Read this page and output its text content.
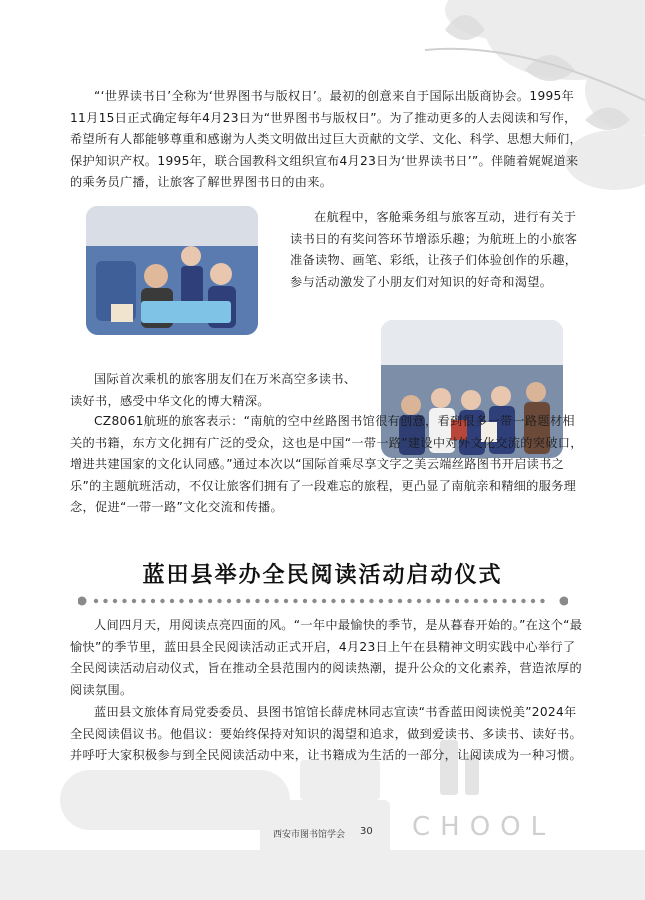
“‘世界读书日’全称为‘世界图书与版权日’。最初的创意来自于国际出版商协会。1995年11月15日正式确定每年4月23日为“世界图书与版权日”。为了推动更多的人去阅读和写作，希望所有人都能够尊重和感谢为人类文明做出过巨大贡献的文学、文化、科学、思想大师们，保护知识产权。1995年，联合国教科文组织宣布4月23日为‘世界读书日’”。伴随着娓娓道来的乘务员广播，让旅客了解世界图书日的由来。

在航程中，客舱乘务组与旅客互动，进行有关于读书日的有奖问答环节增添乐趣；为航班上的小旅客准备读物、画笔、彩纸，让孩子们体验创作的乐趣，参与活动激发了小朋友们对知识的好奇和渴望。

国际首次乘机的旅客朋友们在万米高空多读书、读好书，感受中华文化的博大精深。

CZ8061航班的旅客表示：“南航的空中丝路图书馆很有创意，看到很多一带一路题材相关的书籍，东方文化拥有广泛的受众，这也是中国“一带一路”建设中对外文化交流的突破口，增进共建国家的文化认同感。”通过本次以“国际首乘尽享文字之美云端丝路图书开启读书之乐”的主题航班活动，不仅让旅客们拥有了一段难忘的旅程，更凸显了南航亲和精细的服务理念，促进“一带一路”文化交流和传播。

蓝田县举办全民阅读活动启动仪式

人间四月天，用阅读点亮四面的风。“一年中最愉快的季节，是从暮春开始的。”在这个“最愉快”的季节里，蓝田县全民阅读活动正式开启，4月23日上午在县精神文明实践中心举行了全民阅读活动启动仪式，旨在推动全县范围内的阅读热潮，提升公众的文化素养，营造浓厚的阅读氛围。

蓝田县文旅体育局党委委员、县图书馆馆长薛虎林同志宣读“书香蓝田阅读悦美”2024年全民阅读倡议书。他倡议：要始终保持对知识的渴望和追求，做到爱读书、多读书、读好书。并呼吁大家积极参与到全民阅读活动中来，让书籍成为生活的一部分，让阅读成为一种习惯。

CHOOL
西安市图书馆学会 30
